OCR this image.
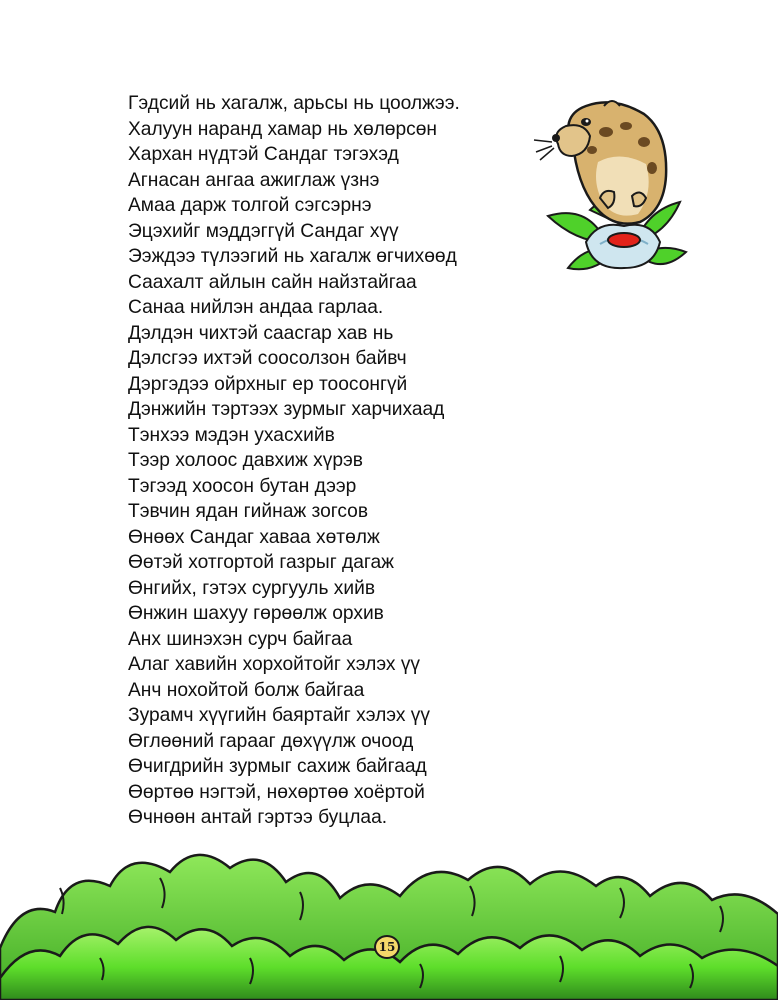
Гэдсий нь хагалж, арьсы нь цоолжээ.
Халуун наранд хамар нь хөлөрсөн
Хархан нүдтэй Сандаг тэгэхэд
Агнасан ангаа ажиглаж үзнэ
Амаа дарж толгой сэгсэрнэ
Эцэхийг мэддэггүй Сандаг хүү
Ээждээ түлээгий нь хагалж өгчихөөд
Саахалт айлын сайн найзтайгаа
Санаа нийлэн андаа гарлаа.
Дэлдэн чихтэй саасгар хав нь
Дэлсгээ ихтэй соосолзон байвч
Дэргэдээ ойрхныг ер тоосонгүй
Дэнжийн тэртээх зурмыг харчихаад
Тэнхээ мэдэн ухасхийв
Тээр холоос давхиж хүрэв
Тэгээд хоосон бутан дээр
Тэвчин ядан гийнаж зогсов
Өнөөх Сандаг хаваа хөтөлж
Өөтэй хотгортой газрыг дагаж
Өнгийх, гэтэх сургууль хийв
Өнжин шахуу гөрөөлж орхив
Анх шинэхэн сурч байгаа
Алаг хавийн хорхойтойг хэлэх үү
Анч нохойтой болж байгаа
Зурамч хүүгийн баяртайг хэлэх үү
Өглөөний гарааг дөхүүлж очоод
Өчигдрийн зурмыг сахиж байгаад
Өөртөө нэгтэй, нөхөртөө хоёртой
Өчнөөн антай гэртээ буцлаа.
15
